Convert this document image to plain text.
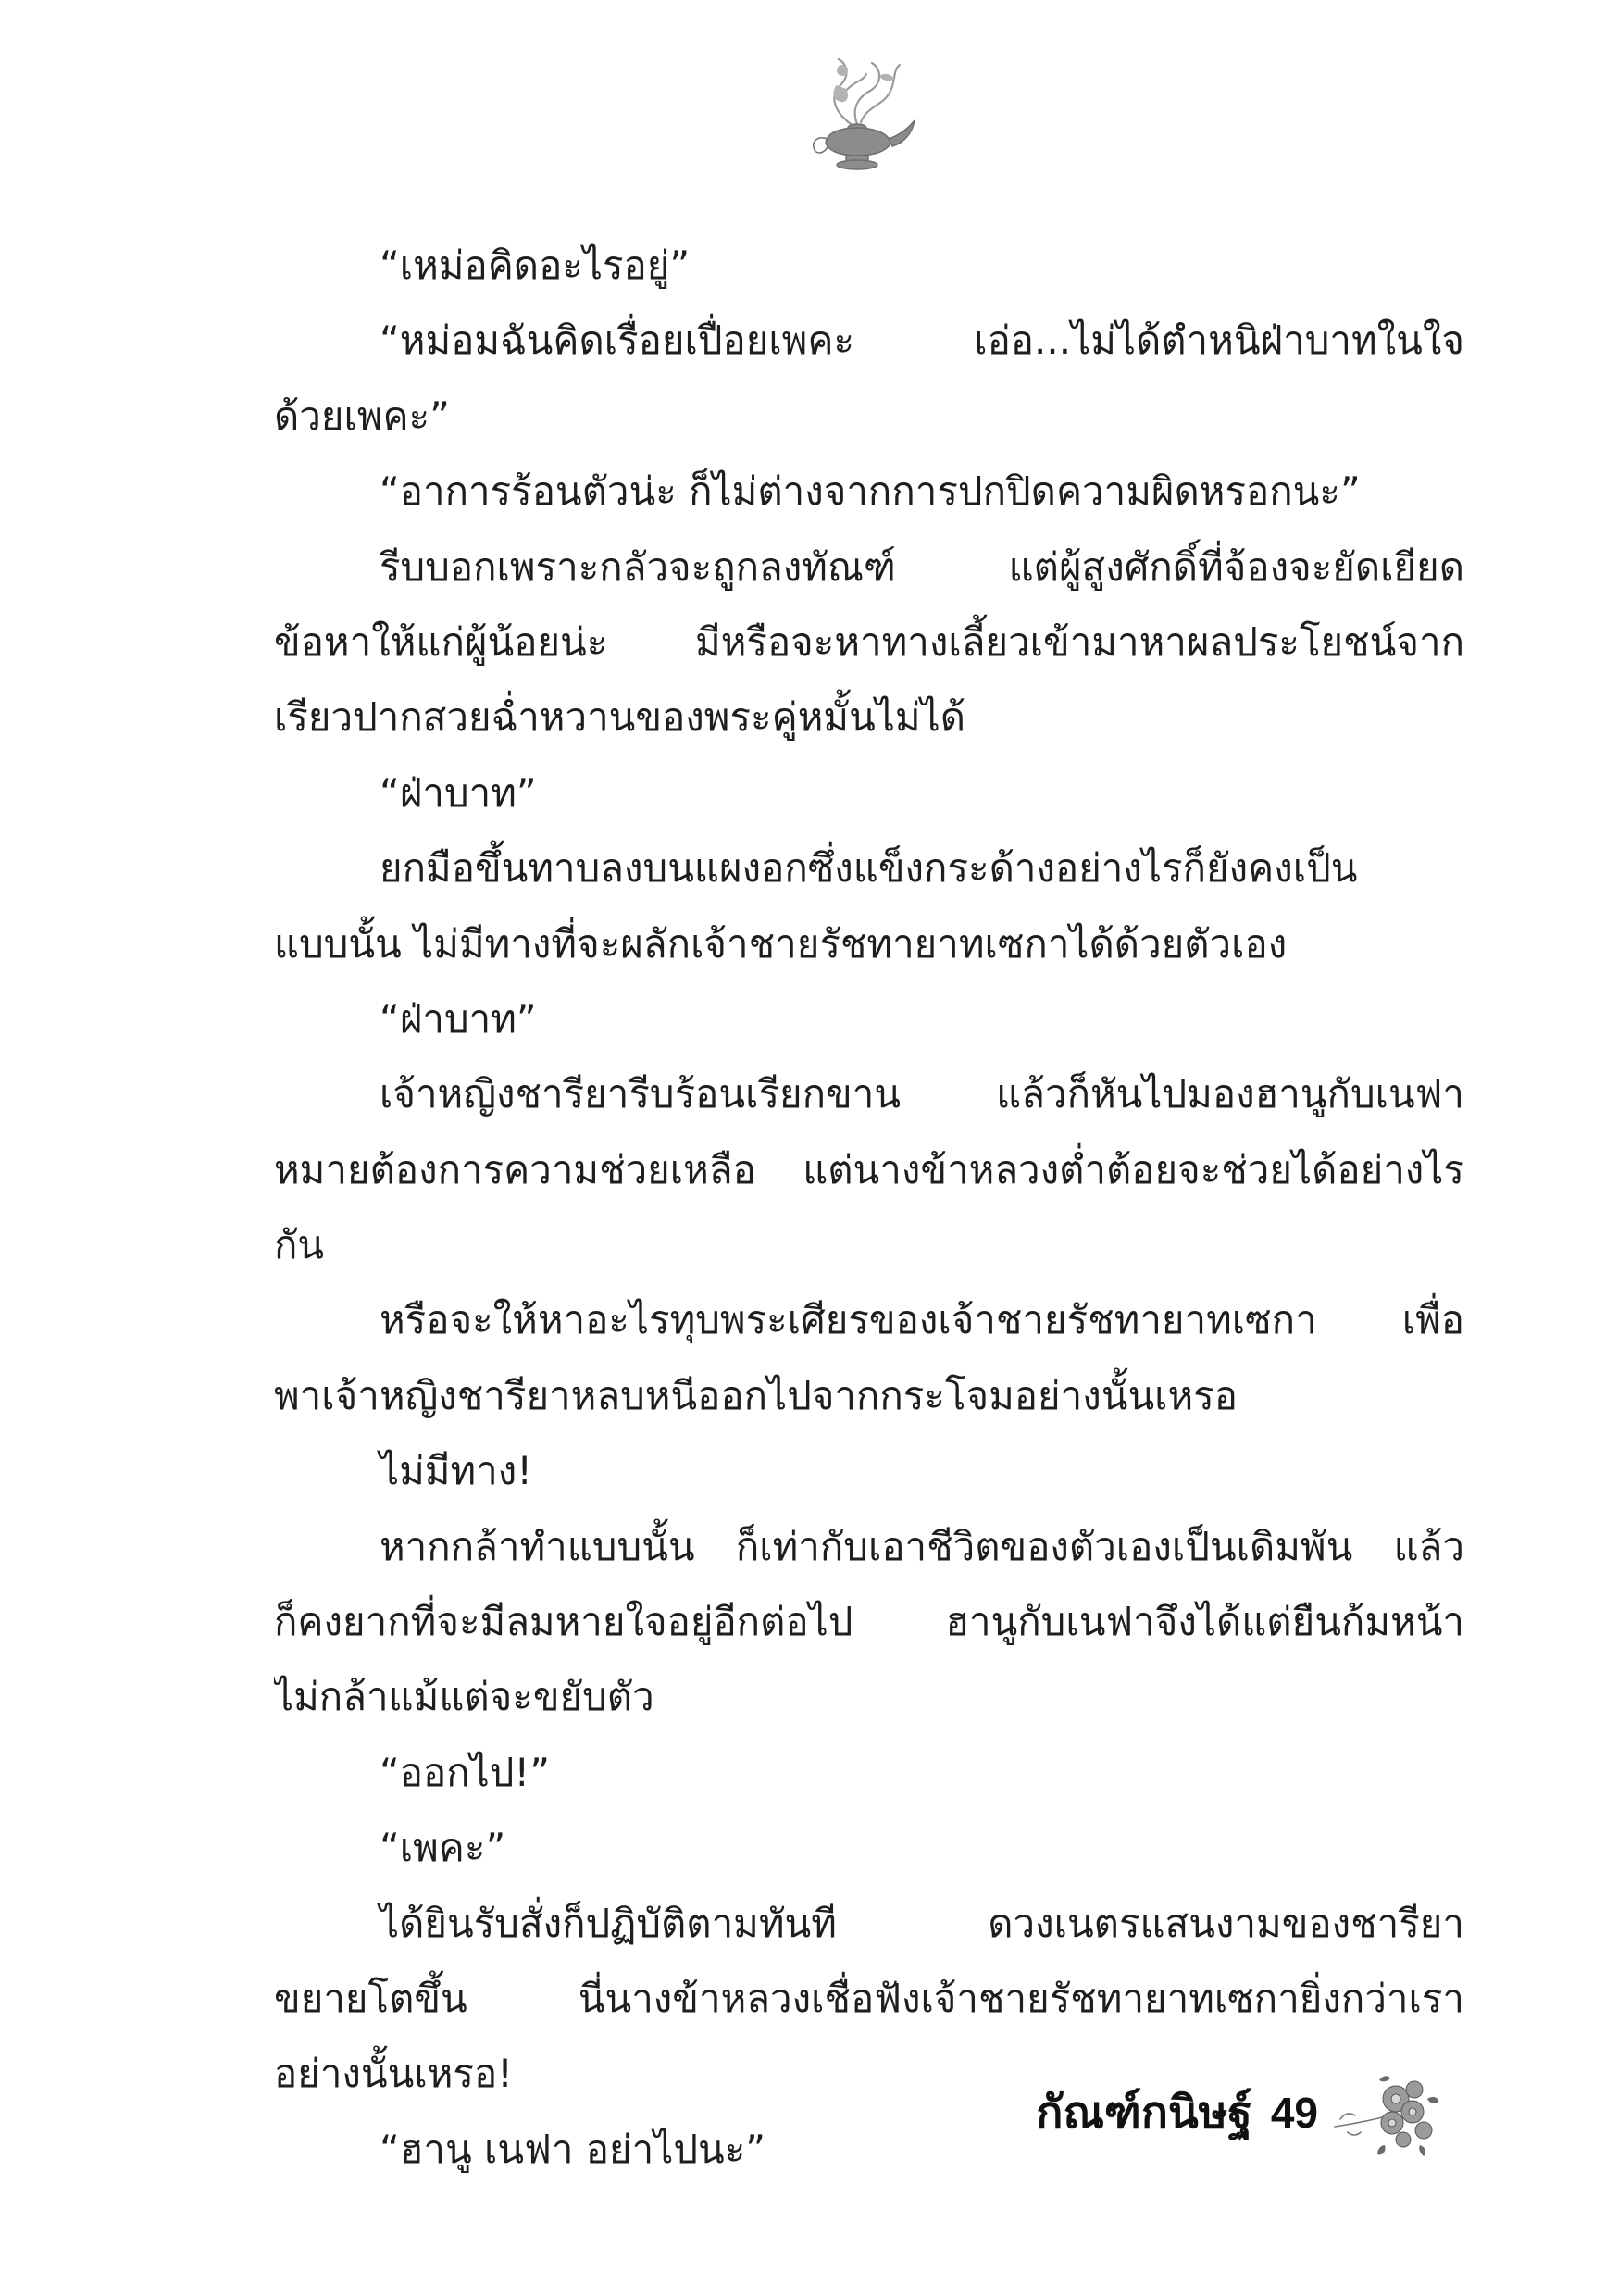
“เหม่อคิดอะไรอยู่”
“หม่อมฉันคิดเรื่อยเปื่อยเพคะ เอ่อ...ไม่ได้ตำหนิฝ่าบาทในใจ
ด้วยเพคะ”
“อาการร้อนตัวน่ะ ก็ไม่ต่างจากการปกปิดความผิดหรอกนะ”
รีบบอกเพราะกลัวจะถูกลงทัณฑ์ แต่ผู้สูงศักดิ์ที่จ้องจะยัดเยียด
ข้อหาให้แก่ผู้น้อยน่ะ มีหรือจะหาทางเลี้ยวเข้ามาหาผลประโยชน์จาก
เรียวปากสวยฉ่ำหวานของพระคู่หมั้นไม่ได้
“ฝ่าบาท”
ยกมือขึ้นทาบลงบนแผงอกซึ่งแข็งกระด้างอย่างไรก็ยังคงเป็น
แบบนั้น ไม่มีทางที่จะผลักเจ้าชายรัชทายาทเซกาได้ด้วยตัวเอง
“ฝ่าบาท”
เจ้าหญิงชารียารีบร้อนเรียกขาน แล้วก็หันไปมองฮานูกับเนฟา
หมายต้องการความช่วยเหลือ แต่นางข้าหลวงต่ำต้อยจะช่วยได้อย่างไร
กัน
หรือจะให้หาอะไรทุบพระเศียรของเจ้าชายรัชทายาทเซกา เพื่อ
พาเจ้าหญิงชารียาหลบหนีออกไปจากกระโจมอย่างนั้นเหรอ
ไม่มีทาง!
หากกล้าทำแบบนั้น ก็เท่ากับเอาชีวิตของตัวเองเป็นเดิมพัน แล้ว
ก็คงยากที่จะมีลมหายใจอยู่อีกต่อไป ฮานูกับเนฟาจึงได้แต่ยืนก้มหน้า
ไม่กล้าแม้แต่จะขยับตัว
“ออกไป!”
“เพคะ”
ได้ยินรับสั่งก็ปฏิบัติตามทันที ดวงเนตรแสนงามของชารียา
ขยายโตขึ้น นี่นางข้าหลวงเชื่อฟังเจ้าชายรัชทายาทเซกายิ่งกว่าเรา
อย่างนั้นเหรอ!
“ฮานู เนฟา อย่าไปนะ”
กัณฑ์กนิษฐ์ 49
